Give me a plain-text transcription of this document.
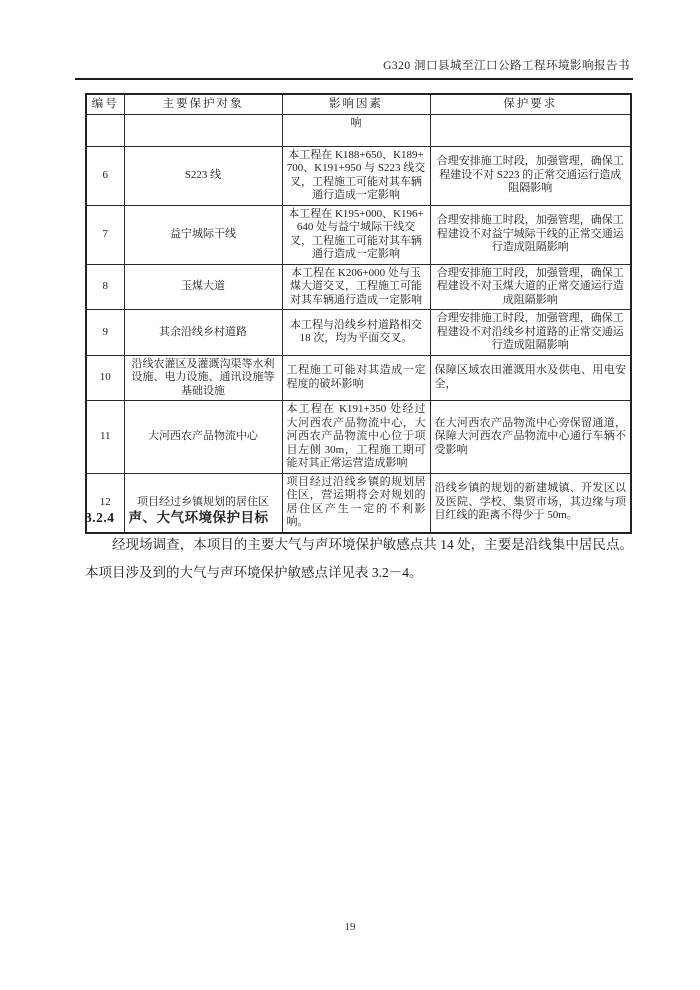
G320 洞口县城至江口公路工程环境影响报告书
编号	主要保护对象	影响因素	保护要求
		响	
6	S223 线	本工程在 K188+650、K189+700、K191+950 与 S223 线交叉，工程施工可能对其车辆通行造成一定影响	合理安排施工时段，加强管理，确保工程建设不对 S223 的正常交通运行造成阻隔影响
7	益宁城际干线	本工程在 K195+000、K196+640 处与益宁城际干线交叉，工程施工可能对其车辆通行造成一定影响	合理安排施工时段，加强管理，确保工程建设不对益宁城际干线的正常交通运行造成阻隔影响
8	玉煤大道	本工程在 K206+000 处与玉煤大道交叉，工程施工可能对其车辆通行造成一定影响	合理安排施工时段，加强管理，确保工程建设不对玉煤大道的正常交通运行造成阻隔影响
9	其余沿线乡村道路	本工程与沿线乡村道路相交 18 次，均为平面交叉。	合理安排施工时段，加强管理，确保工程建设不对沿线乡村道路的正常交通运行造成阻隔影响
10	沿线农灌区及灌溉沟渠等水利设施、电力设施、通讯设施等基础设施	工程施工可能对其造成一定程度的破坏影响	保障区域农田灌溉用水及供电、用电安全，
11	大河西农产品物流中心	本工程在 K191+350 处经过大河西农产品物流中心，大河西农产品物流中心位于项目左侧 30m，工程施工期可能对其正常运营造成影响	在大河西农产品物流中心旁保留通道，保障大河西农产品物流中心通行车辆不受影响
12	项目经过乡镇规划的居住区	项目经过沿线乡镇的规划居住区，营运期将会对规划的居住区产生一定的不利影响。	沿线乡镇的规划的新建城镇、开发区以及医院、学校、集贸市场，其边缘与项目红线的距离不得少于 50m。
3.2.4　声、大气环境保护目标
经现场调查，本项目的主要大气与声环境保护敏感点共 14 处，主要是沿线集中居民点。本项目涉及到的大气与声环境保护敏感点详见表 3.2－4。
19
